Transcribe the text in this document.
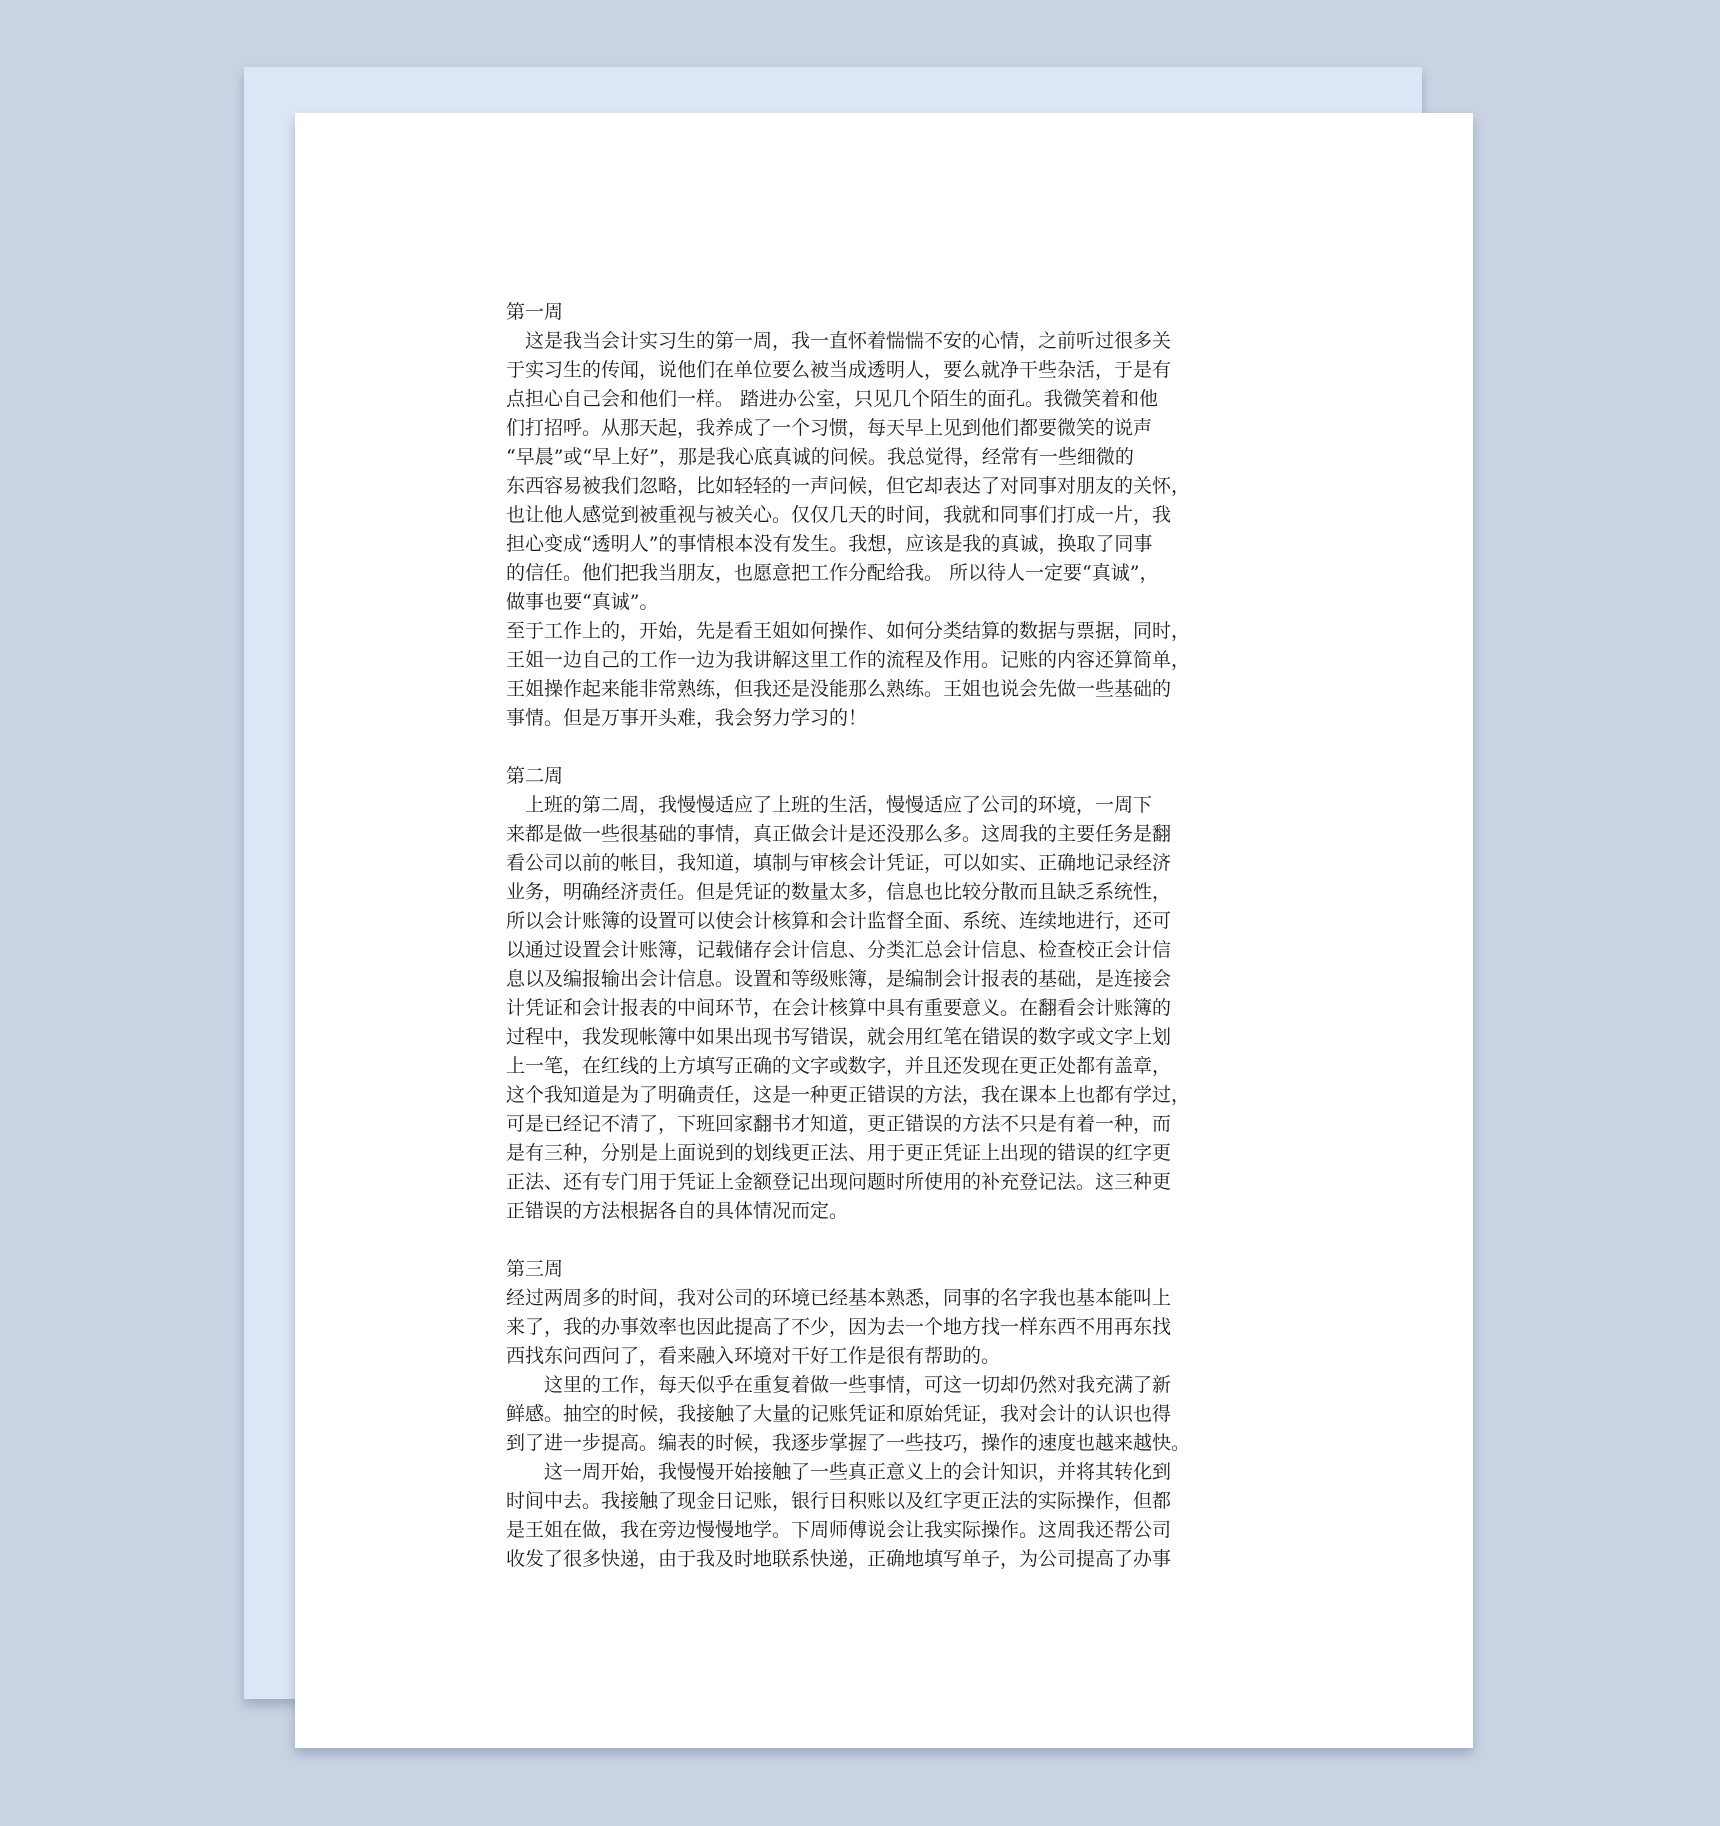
第一周
　这是我当会计实习生的第一周，我一直怀着惴惴不安的心情，之前听过很多关
于实习生的传闻，说他们在单位要么被当成透明人，要么就净干些杂活，于是有
点担心自己会和他们一样。 踏进办公室，只见几个陌生的面孔。我微笑着和他
们打招呼。从那天起，我养成了一个习惯，每天早上见到他们都要微笑的说声
“早晨”或“早上好”，那是我心底真诚的问候。我总觉得，经常有一些细微的
东西容易被我们忽略，比如轻轻的一声问候，但它却表达了对同事对朋友的关怀，
也让他人感觉到被重视与被关心。仅仅几天的时间，我就和同事们打成一片，我
担心变成“透明人”的事情根本没有发生。我想，应该是我的真诚，换取了同事
的信任。他们把我当朋友，也愿意把工作分配给我。 所以待人一定要“真诚”，
做事也要“真诚”。
至于工作上的，开始，先是看王姐如何操作、如何分类结算的数据与票据，同时，
王姐一边自己的工作一边为我讲解这里工作的流程及作用。记账的内容还算简单，
王姐操作起来能非常熟练，但我还是没能那么熟练。王姐也说会先做一些基础的
事情。但是万事开头难，我会努力学习的！
第二周
　上班的第二周，我慢慢适应了上班的生活，慢慢适应了公司的环境，一周下
来都是做一些很基础的事情，真正做会计是还没那么多。这周我的主要任务是翻
看公司以前的帐目，我知道，填制与审核会计凭证，可以如实、正确地记录经济
业务，明确经济责任。但是凭证的数量太多，信息也比较分散而且缺乏系统性，
所以会计账簿的设置可以使会计核算和会计监督全面、系统、连续地进行，还可
以通过设置会计账簿，记载储存会计信息、分类汇总会计信息、检查校正会计信
息以及编报输出会计信息。设置和等级账簿，是编制会计报表的基础，是连接会
计凭证和会计报表的中间环节，在会计核算中具有重要意义。在翻看会计账簿的
过程中，我发现帐簿中如果出现书写错误，就会用红笔在错误的数字或文字上划
上一笔，在红线的上方填写正确的文字或数字，并且还发现在更正处都有盖章，
这个我知道是为了明确责任，这是一种更正错误的方法，我在课本上也都有学过，
可是已经记不清了，下班回家翻书才知道，更正错误的方法不只是有着一种，而
是有三种，分别是上面说到的划线更正法、用于更正凭证上出现的错误的红字更
正法、还有专门用于凭证上金额登记出现问题时所使用的补充登记法。这三种更
正错误的方法根据各自的具体情况而定。
第三周
经过两周多的时间，我对公司的环境已经基本熟悉，同事的名字我也基本能叫上
来了，我的办事效率也因此提高了不少，因为去一个地方找一样东西不用再东找
西找东问西问了，看来融入环境对干好工作是很有帮助的。
　　这里的工作，每天似乎在重复着做一些事情，可这一切却仍然对我充满了新
鲜感。抽空的时候，我接触了大量的记账凭证和原始凭证，我对会计的认识也得
到了进一步提高。编表的时候，我逐步掌握了一些技巧，操作的速度也越来越快。
　　这一周开始，我慢慢开始接触了一些真正意义上的会计知识，并将其转化到
时间中去。我接触了现金日记账，银行日积账以及红字更正法的实际操作，但都
是王姐在做，我在旁边慢慢地学。下周师傅说会让我实际操作。这周我还帮公司
收发了很多快递，由于我及时地联系快递，正确地填写单子，为公司提高了办事
